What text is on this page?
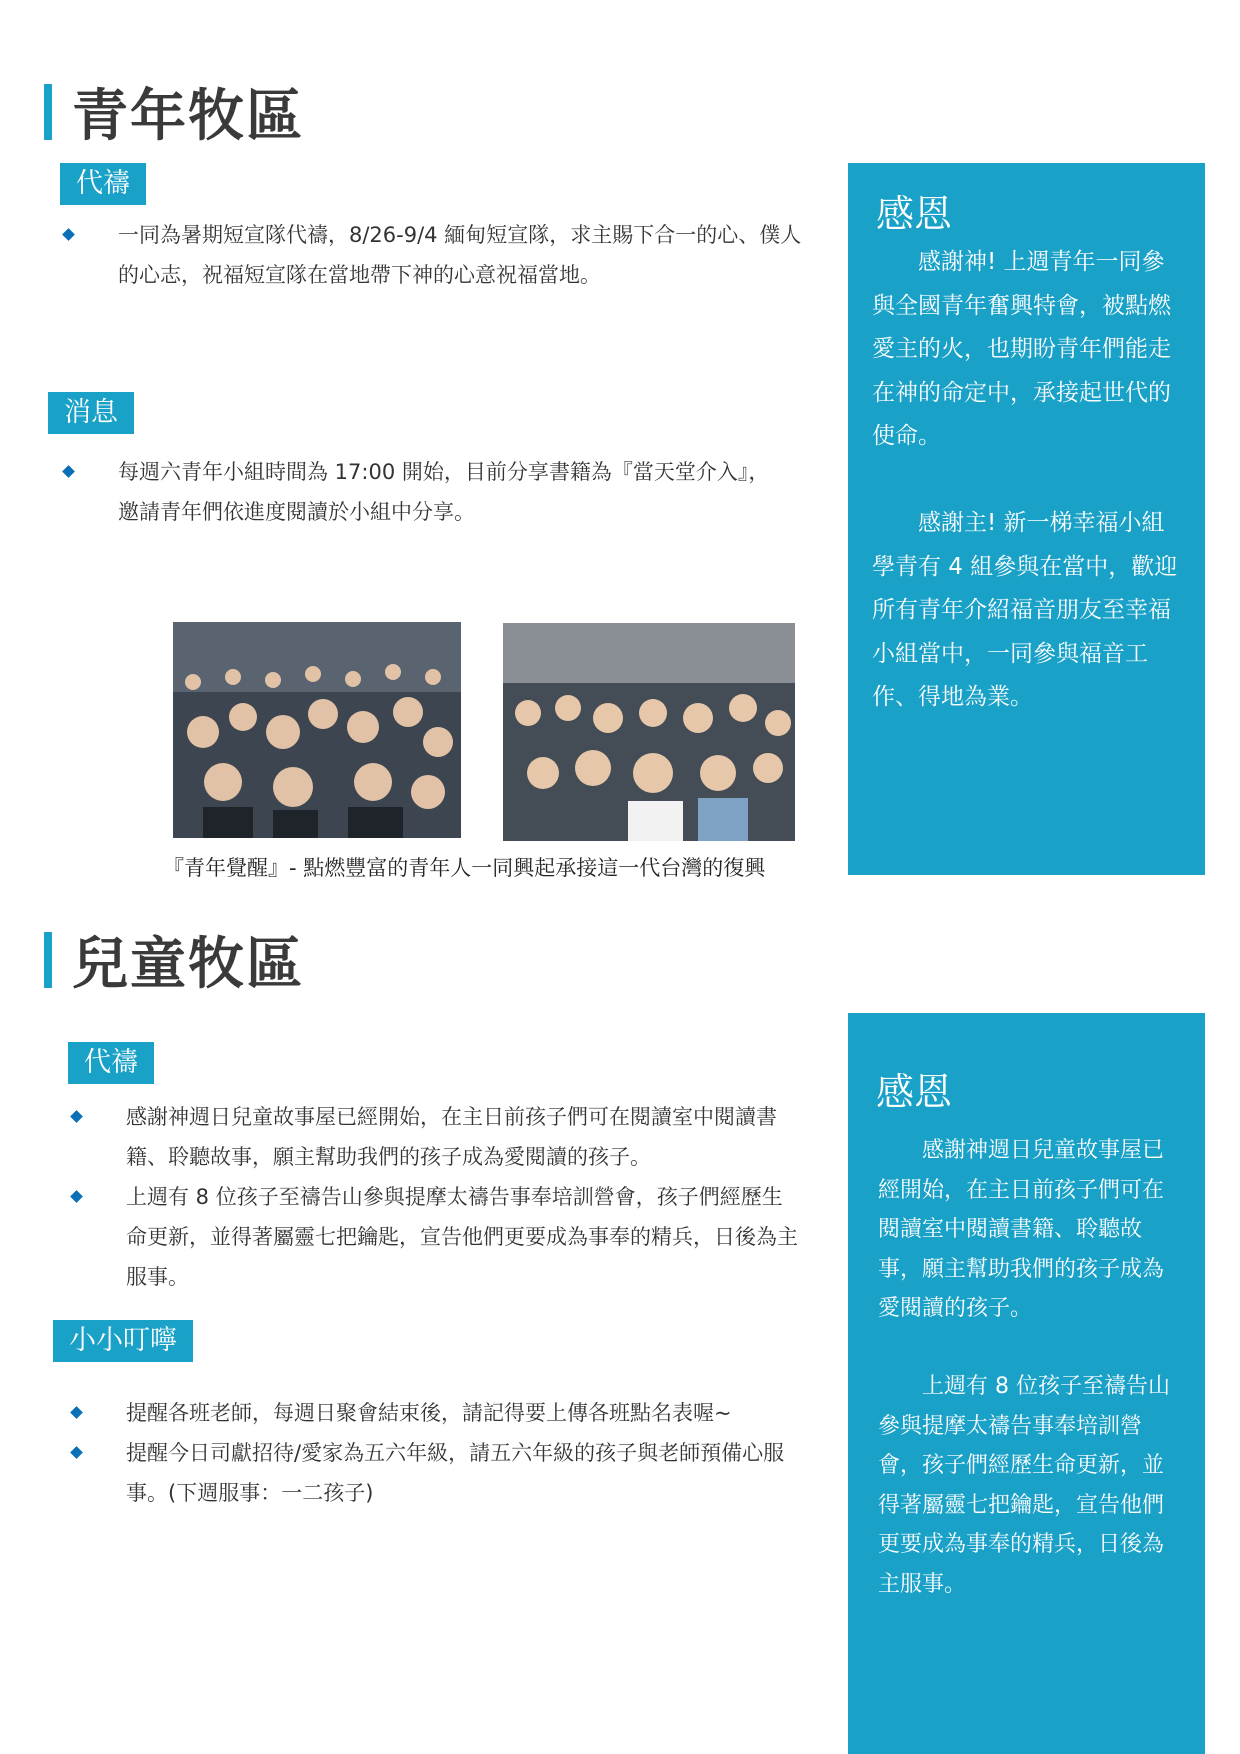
青年牧區
代禱
一同為暑期短宣隊代禱，8/26-9/4 緬甸短宣隊，求主賜下合一的心、僕人的心志，祝福短宣隊在當地帶下神的心意祝福當地。
消息
每週六青年小組時間為 17:00 開始，目前分享書籍為『當天堂介入』，邀請青年們依進度閱讀於小組中分享。
『青年覺醒』- 點燃豐富的青年人一同興起承接這一代台灣的復興
感恩

感謝神! 上週青年一同參與全國青年奮興特會，被點燃愛主的火，也期盼青年們能走在神的命定中，承接起世代的使命。

感謝主! 新一梯幸福小組學青有 4 組參與在當中，歡迎所有青年介紹福音朋友至幸福小組當中，一同參與福音工作、得地為業。

兒童牧區
代禱
感謝神週日兒童故事屋已經開始，在主日前孩子們可在閱讀室中閱讀書籍、聆聽故事，願主幫助我們的孩子成為愛閱讀的孩子。
上週有 8 位孩子至禱告山參與提摩太禱告事奉培訓營會，孩子們經歷生命更新，並得著屬靈七把鑰匙，宣告他們更要成為事奉的精兵，日後為主服事。
小小叮嚀
提醒各班老師，每週日聚會結束後，請記得要上傳各班點名表喔~
提醒今日司獻招待/愛家為五六年級，請五六年級的孩子與老師預備心服事。(下週服事：一二孩子)
感恩

感謝神週日兒童故事屋已經開始，在主日前孩子們可在閱讀室中閱讀書籍、聆聽故事，願主幫助我們的孩子成為愛閱讀的孩子。

上週有 8 位孩子至禱告山參與提摩太禱告事奉培訓營會，孩子們經歷生命更新，並得著屬靈七把鑰匙，宣告他們更要成為事奉的精兵，日後為主服事。
